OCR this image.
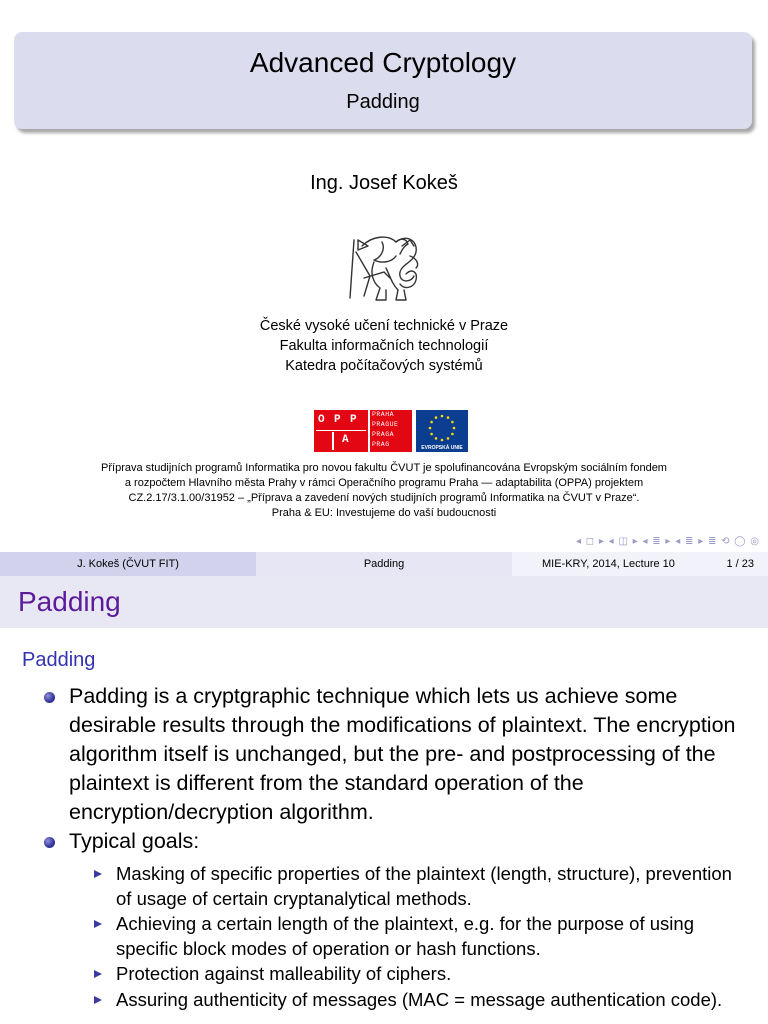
Advanced Cryptology
Padding
Ing. Josef Kokeš
České vysoké učení technické v Praze
Fakulta informačních technologií
Katedra počítačových systémů
O P P
A
PRAHA
PRAGUE
PRAGA
PRAG	EVROPSKÁ UNIE
Příprava studijních programů Informatika pro novou fakultu ČVUT je spolufinancována Evropským sociálním fondem
a rozpočtem Hlavního města Prahy v rámci Operačního programu Praha — adaptabilita (OPPA) projektem
CZ.2.17/3.1.00/31952 – „Příprava a zavedení nových studijních programů Informatika na ČVUT v Praze“.
Praha & EU: Investujeme do vaší budoucnosti
◂ ◻ ▸ ◂ ◫ ▸ ◂ ≣ ▸ ◂ ≣ ▸ ≣ ⟲ ◯ ◎
J. Kokeš (ČVUT FIT)	Padding	MIE-KRY, 2014, Lecture 10	1 / 23
Padding
Padding
Padding is a cryptgraphic technique which lets us achieve some desirable results through the modifications of plaintext. The encryption algorithm itself is unchanged, but the pre- and postprocessing of the plaintext is different from the standard operation of the encryption/decryption algorithm.
Typical goals:
Masking of specific properties of the plaintext (length, structure), prevention of usage of certain cryptanalytical methods.
Achieving a certain length of the plaintext, e.g. for the purpose of using specific block modes of operation or hash functions.
Protection against malleability of ciphers.
Assuring authenticity of messages (MAC = message authentication code).
